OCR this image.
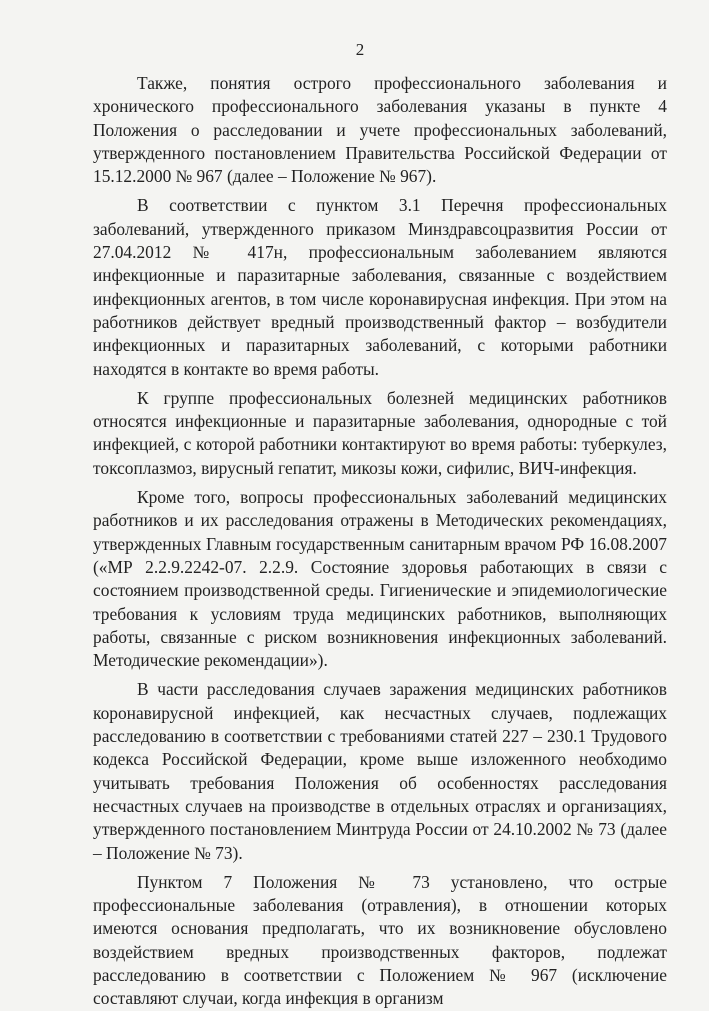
2

Также, понятия острого профессионального заболевания и хронического профессионального заболевания указаны в пункте 4 Положения о расследовании и учете профессиональных заболеваний, утвержденного постановлением Правительства Российской Федерации от 15.12.2000 № 967 (далее – Положение № 967).

В соответствии с пунктом 3.1 Перечня профессиональных заболеваний, утвержденного приказом Минздравсоцразвития России от 27.04.2012 № 417н, профессиональным заболеванием являются инфекционные и паразитарные заболевания, связанные с воздействием инфекционных агентов, в том числе коронавирусная инфекция. При этом на работников действует вредный производственный фактор – возбудители инфекционных и паразитарных заболеваний, с которыми работники находятся в контакте во время работы.

К группе профессиональных болезней медицинских работников относятся инфекционные и паразитарные заболевания, однородные с той инфекцией, с которой работники контактируют во время работы: туберкулез, токсоплазмоз, вирусный гепатит, микозы кожи, сифилис, ВИЧ-инфекция.

Кроме того, вопросы профессиональных заболеваний медицинских работников и их расследования отражены в Методических рекомендациях, утвержденных Главным государственным санитарным врачом РФ 16.08.2007 («МР 2.2.9.2242-07. 2.2.9. Состояние здоровья работающих в связи с состоянием производственной среды. Гигиенические и эпидемиологические требования к условиям труда медицинских работников, выполняющих работы, связанные с риском возникновения инфекционных заболеваний. Методические рекомендации»).

В части расследования случаев заражения медицинских работников коронавирусной инфекцией, как несчастных случаев, подлежащих расследованию в соответствии с требованиями статей 227 – 230.1 Трудового кодекса Российской Федерации, кроме выше изложенного необходимо учитывать требования Положения об особенностях расследования несчастных случаев на производстве в отдельных отраслях и организациях, утвержденного постановлением Минтруда России от 24.10.2002 № 73 (далее – Положение № 73).

Пунктом 7 Положения № 73 установлено, что острые профессиональные заболевания (отравления), в отношении которых имеются основания предполагать, что их возникновение обусловлено воздействием вредных производственных факторов, подлежат расследованию в соответствии с Положением № 967 (исключение составляют случаи, когда инфекция в организм
